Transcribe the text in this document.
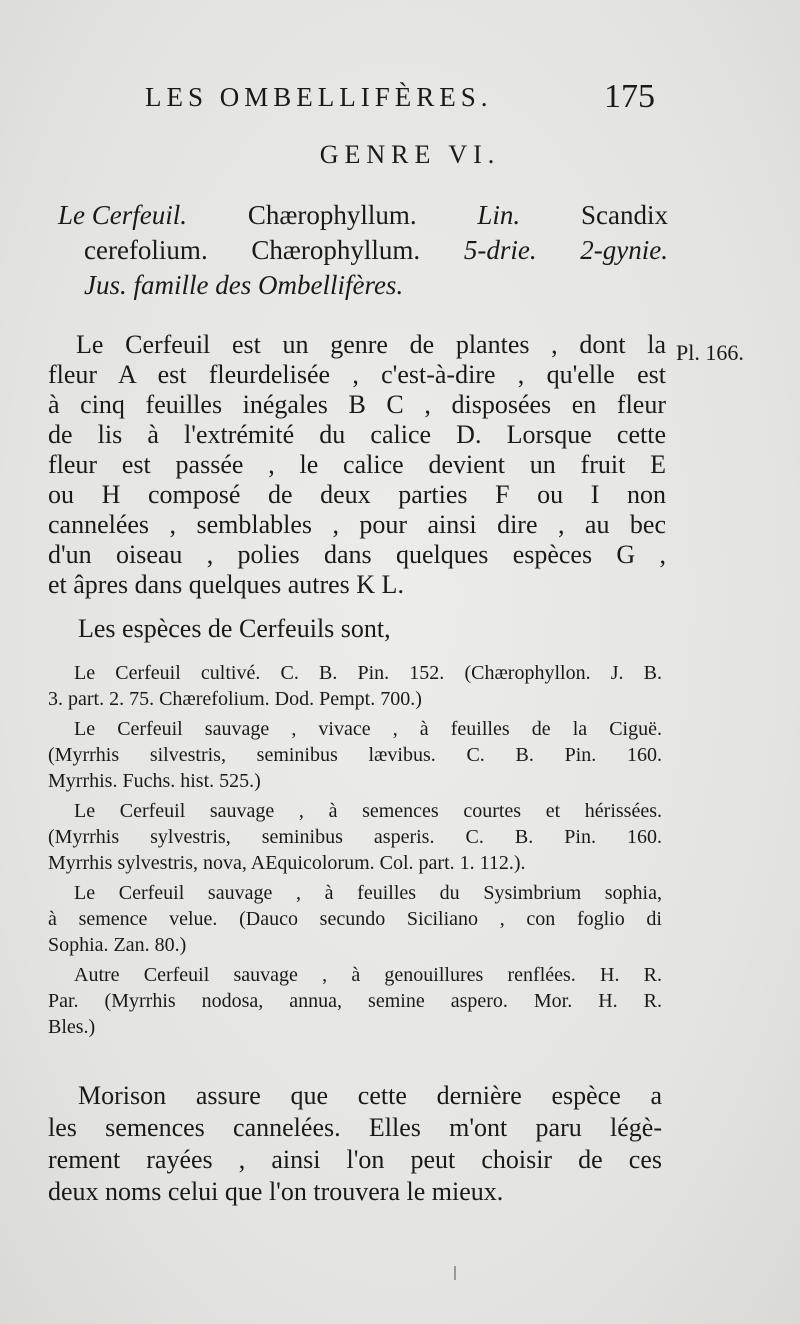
LES OMBELLIFÈRES.	175
GENRE VI.
Le Cerfeuil. Chærophyllum. Lin. Scandix
cerefolium. Chærophyllum. 5-drie. 2-gynie.
Jus. famille des Ombellifères.
Pl. 166.
Le Cerfeuil est un genre de plantes , dont la
fleur A est fleurdelisée , c'est-à-dire , qu'elle est
à cinq feuilles inégales B C , disposées en fleur
de lis à l'extrémité du calice D. Lorsque cette
fleur est passée , le calice devient un fruit E
ou H composé de deux parties F ou I non
cannelées , semblables , pour ainsi dire , au bec
d'un oiseau , polies dans quelques espèces G ,
et âpres dans quelques autres K L.
Les espèces de Cerfeuils sont,
Le Cerfeuil cultivé. C. B. Pin. 152. (Chærophyllon. J. B.
3. part. 2. 75. Chærefolium. Dod. Pempt. 700.)
Le Cerfeuil sauvage , vivace , à feuilles de la Ciguë.
(Myrrhis silvestris, seminibus lævibus. C. B. Pin. 160.
Myrrhis. Fuchs. hist. 525.)
Le Cerfeuil sauvage , à semences courtes et hérissées.
(Myrrhis sylvestris, seminibus asperis. C. B. Pin. 160.
Myrrhis sylvestris, nova, AEquicolorum. Col. part. 1. 112.).
Le Cerfeuil sauvage , à feuilles du Sysimbrium sophia,
à semence velue. (Dauco secundo Siciliano , con foglio di
Sophia. Zan. 80.)
Autre Cerfeuil sauvage , à genouillures renflées. H. R.
Par. (Myrrhis nodosa, annua, semine aspero. Mor. H. R.
Bles.)
Morison assure que cette dernière espèce a
les semences cannelées. Elles m'ont paru légè-
rement rayées , ainsi l'on peut choisir de ces
deux noms celui que l'on trouvera le mieux.
